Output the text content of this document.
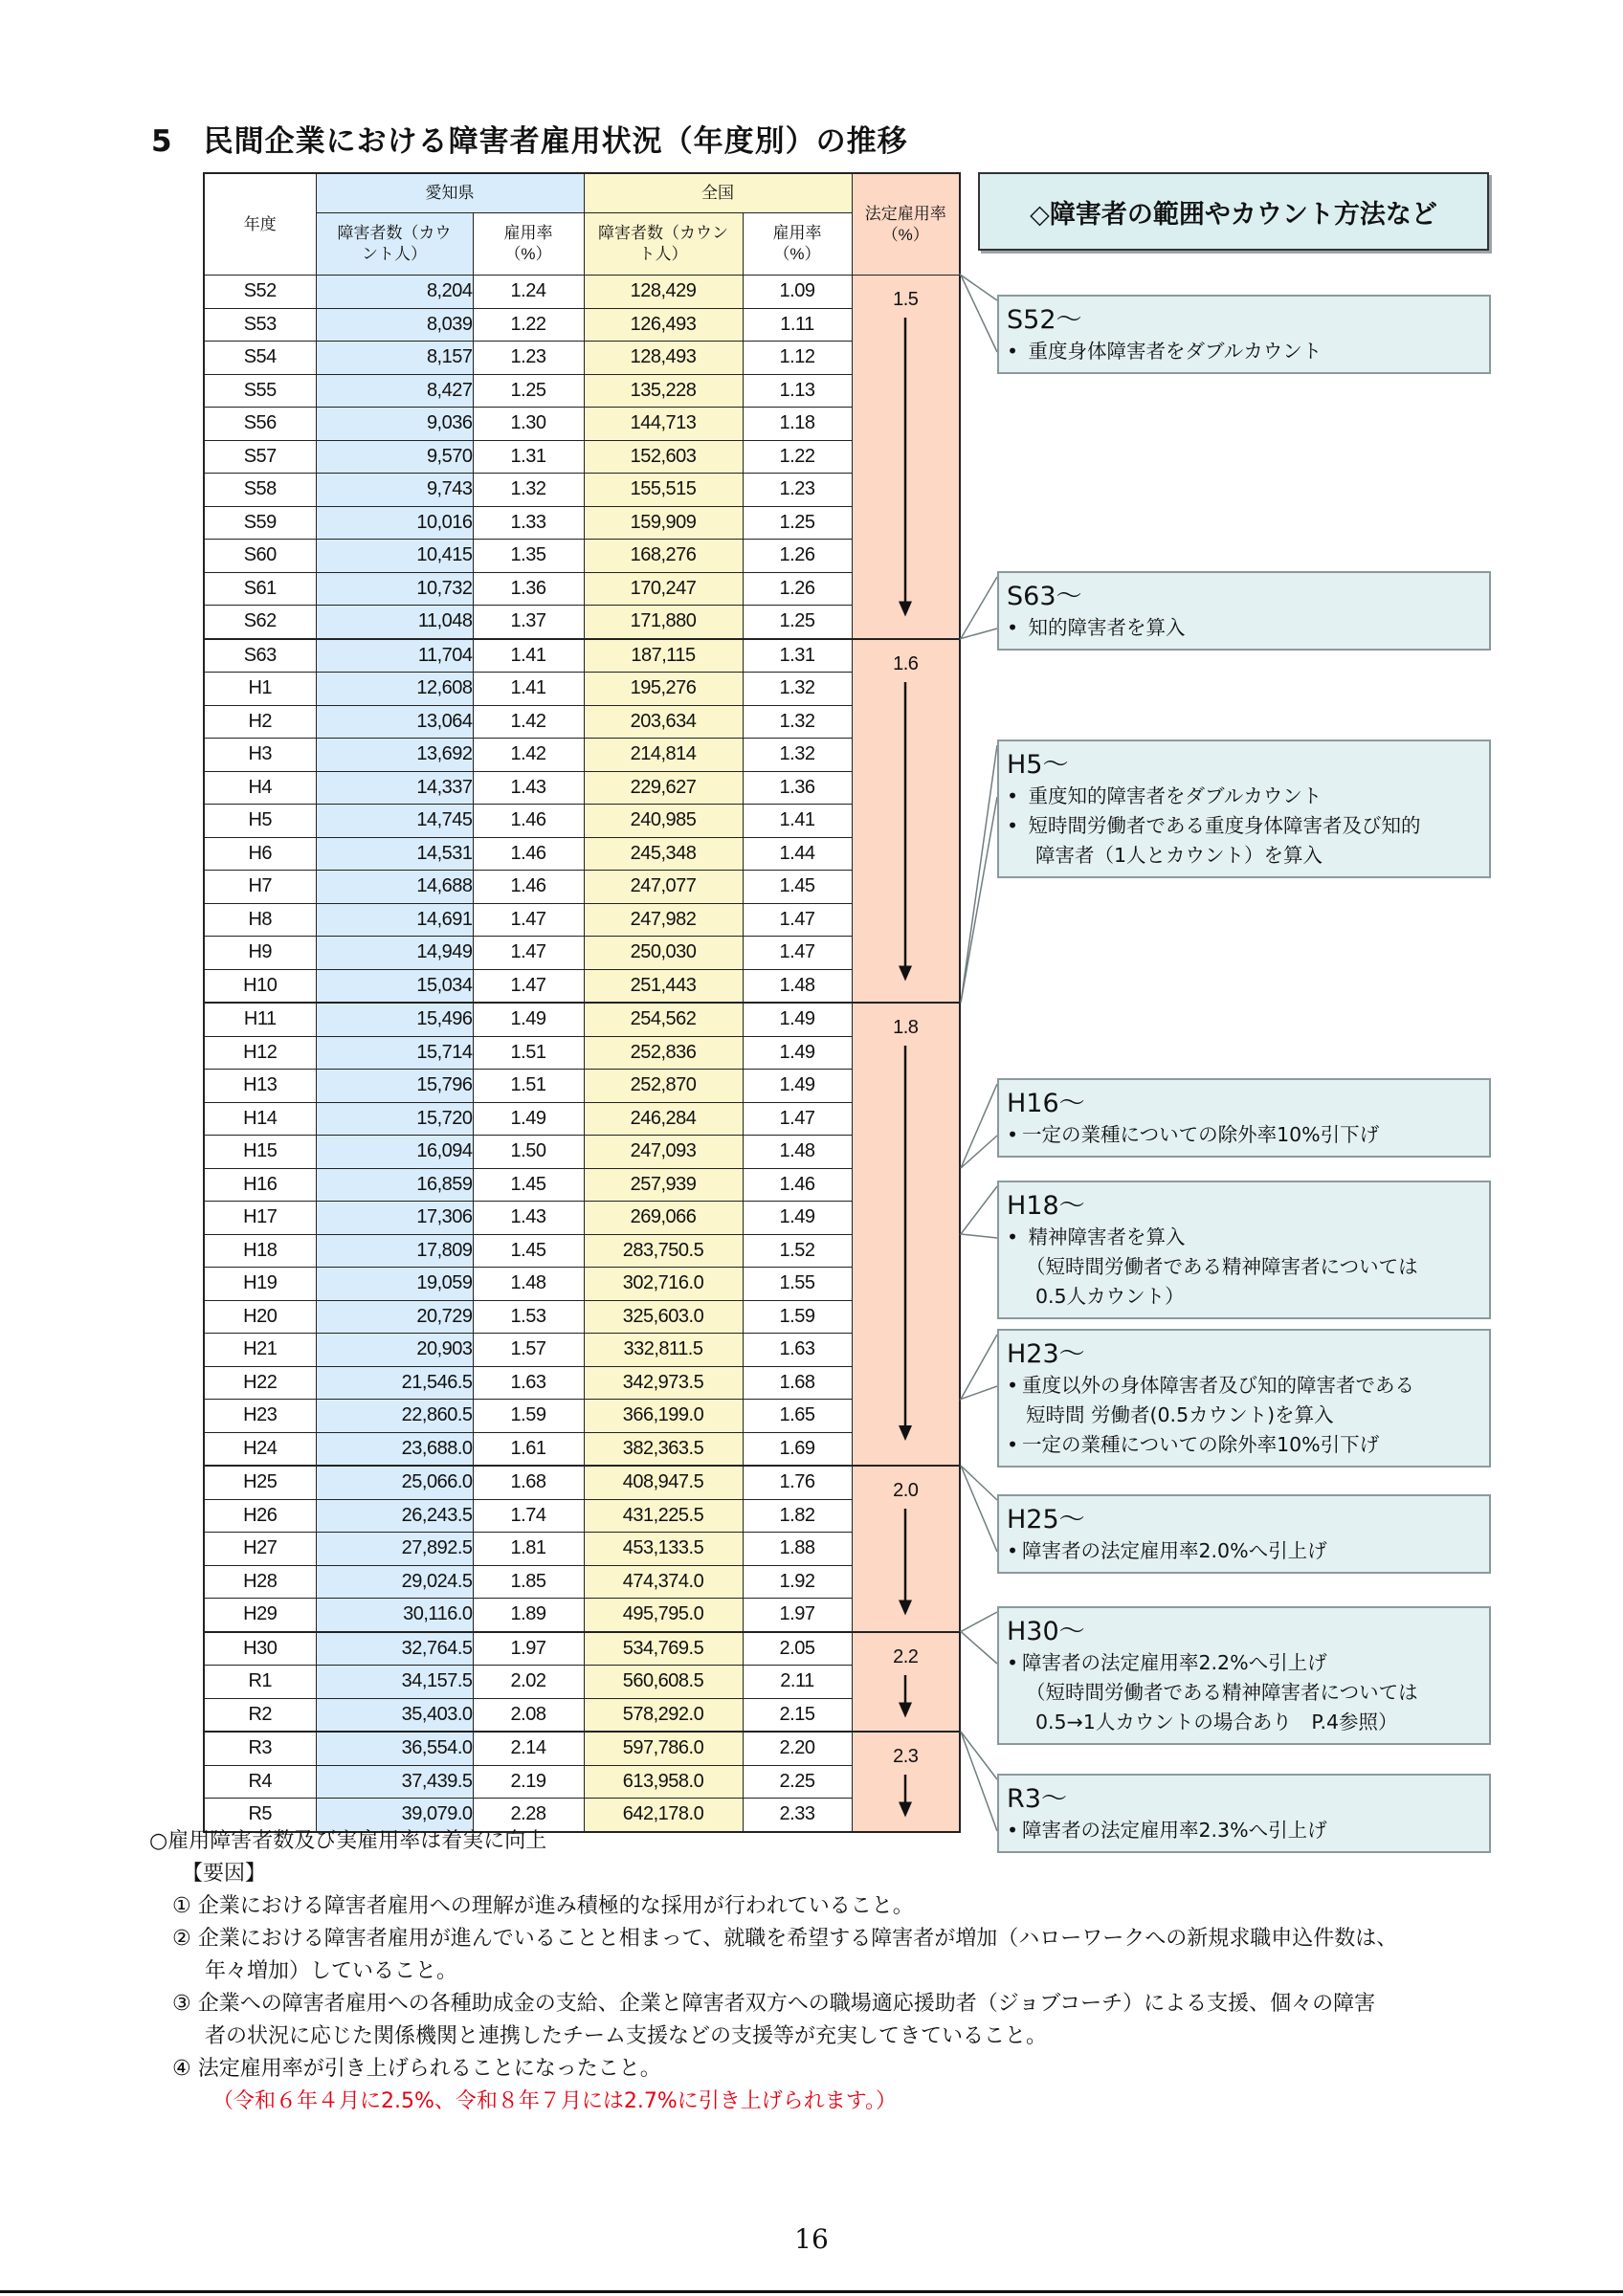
5　民間企業における障害者雇用状況（年度別）の推移
年度	愛知県		全国		法定雇用率（%）
	障害者数（カウント人）	雇用率（%）	障害者数（カウント人）	雇用率（%）	
S52	8,204	1.24	128,429	1.09	1.5

S53	8,039	1.22	126,493	1.11	
S54	8,157	1.23	128,493	1.12	
S55	8,427	1.25	135,228	1.13	
S56	9,036	1.30	144,713	1.18	
S57	9,570	1.31	152,603	1.22	
S58	9,743	1.32	155,515	1.23	
S59	10,016	1.33	159,909	1.25	
S60	10,415	1.35	168,276	1.26	
S61	10,732	1.36	170,247	1.26	
S62	11,048	1.37	171,880	1.25	
S63	11,704	1.41	187,115	1.31	1.6

H1	12,608	1.41	195,276	1.32	
H2	13,064	1.42	203,634	1.32	
H3	13,692	1.42	214,814	1.32	
H4	14,337	1.43	229,627	1.36	
H5	14,745	1.46	240,985	1.41	
H6	14,531	1.46	245,348	1.44	
H7	14,688	1.46	247,077	1.45	
H8	14,691	1.47	247,982	1.47	
H9	14,949	1.47	250,030	1.47	
H10	15,034	1.47	251,443	1.48	
H11	15,496	1.49	254,562	1.49	1.8

H12	15,714	1.51	252,836	1.49	
H13	15,796	1.51	252,870	1.49	
H14	15,720	1.49	246,284	1.47	
H15	16,094	1.50	247,093	1.48	
H16	16,859	1.45	257,939	1.46	
H17	17,306	1.43	269,066	1.49	
H18	17,809	1.45	283,750.5	1.52	
H19	19,059	1.48	302,716.0	1.55	
H20	20,729	1.53	325,603.0	1.59	
H21	20,903	1.57	332,811.5	1.63	
H22	21,546.5	1.63	342,973.5	1.68	
H23	22,860.5	1.59	366,199.0	1.65	
H24	23,688.0	1.61	382,363.5	1.69	
H25	25,066.0	1.68	408,947.5	1.76	2.0

H26	26,243.5	1.74	431,225.5	1.82	
H27	27,892.5	1.81	453,133.5	1.88	
H28	29,024.5	1.85	474,374.0	1.92	
H29	30,116.0	1.89	495,795.0	1.97	
H30	32,764.5	1.97	534,769.5	2.05	2.2

R1	34,157.5	2.02	560,608.5	2.11	
R2	35,403.0	2.08	578,292.0	2.15	
R3	36,554.0	2.14	597,786.0	2.20	2.3

R4	37,439.5	2.19	613,958.0	2.25	
R5	39,079.0	2.28	642,178.0	2.33	
◇障害者の範囲やカウント方法など
S52〜
• 重度身体障害者をダブルカウント
S63〜
• 知的障害者を算入
H5〜
• 重度知的障害者をダブルカウント
• 短時間労働者である重度身体障害者及び知的
障害者（1人とカウント）を算入
H16〜
• 一定の業種についての除外率10%引下げ
H18〜
• 精神障害者を算入
（短時間労働者である精神障害者については
0.5人カウント）
H23〜
• 重度以外の身体障害者及び知的障害者である
短時間 労働者(0.5カウント)を算入
• 一定の業種についての除外率10%引下げ
H25〜
• 障害者の法定雇用率2.0%へ引上げ
H30〜
• 障害者の法定雇用率2.2%へ引上げ
（短時間労働者である精神障害者については
0.5→1人カウントの場合あり　P.4参照）
R3〜
• 障害者の法定雇用率2.3%へ引上げ

○雇用障害者数及び実雇用率は着実に向上

【要因】

① 企業における障害者雇用への理解が進み積極的な採用が行われていること。

② 企業における障害者雇用が進んでいることと相まって、就職を希望する障害者が増加（ハローワークへの新規求職申込件数は、

年々増加）していること。

③ 企業への障害者雇用への各種助成金の支給、企業と障害者双方への職場適応援助者（ジョブコーチ）による支援、個々の障害

者の状況に応じた関係機関と連携したチーム支援などの支援等が充実してきていること。

④ 法定雇用率が引き上げられることになったこと。

（令和６年４月に2.5%、令和８年７月には2.7%に引き上げられます。）

16
